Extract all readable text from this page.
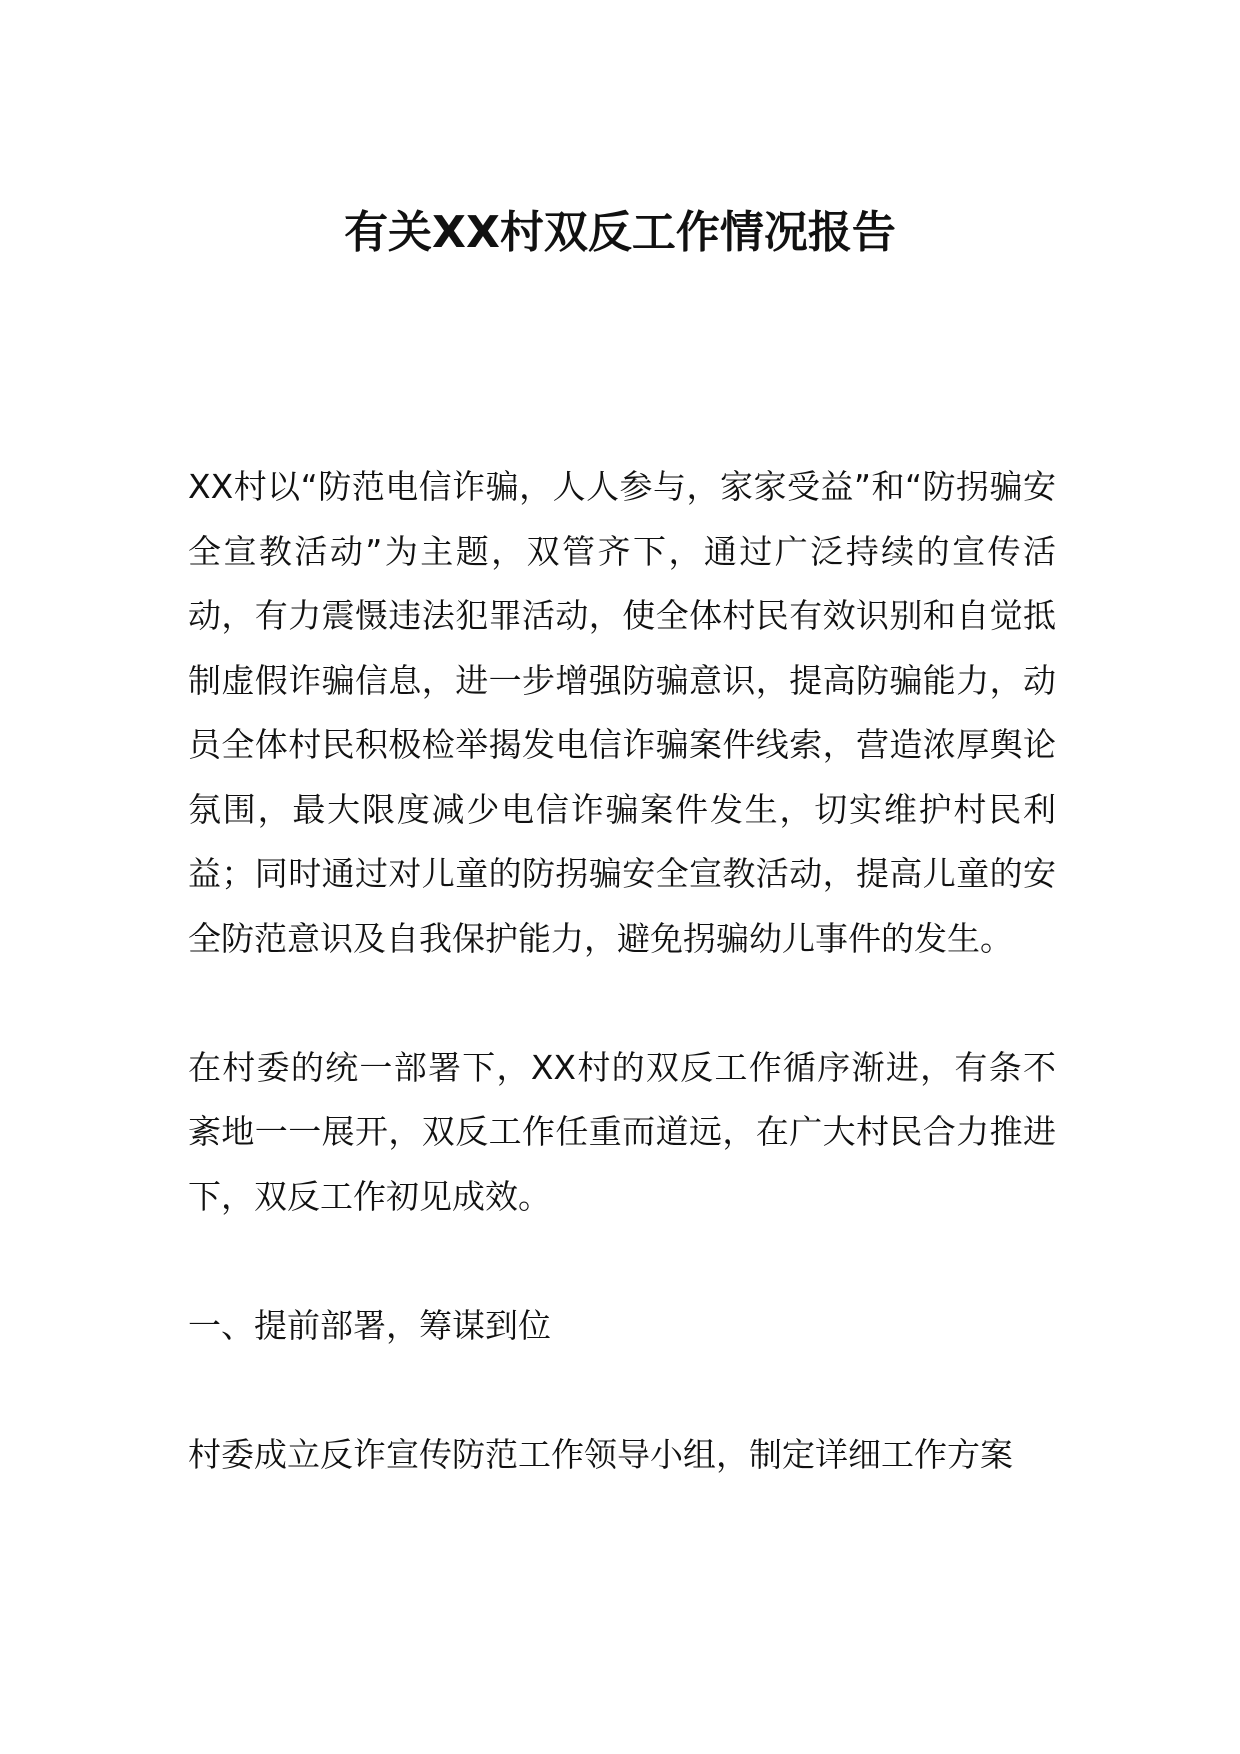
有关XX村双反工作情况报告

XX村以“防范电信诈骗，人人参与，家家受益”和“防拐骗安全宣教活动”为主题，双管齐下，通过广泛持续的宣传活动，有力震慑违法犯罪活动，使全体村民有效识别和自觉抵制虚假诈骗信息，进一步增强防骗意识，提高防骗能力，动员全体村民积极检举揭发电信诈骗案件线索，营造浓厚舆论氛围，最大限度减少电信诈骗案件发生，切实维护村民利益；同时通过对儿童的防拐骗安全宣教活动，提高儿童的安全防范意识及自我保护能力，避免拐骗幼儿事件的发生。

在村委的统一部署下，XX村的双反工作循序渐进，有条不紊地一一展开，双反工作任重而道远，在广大村民合力推进下，双反工作初见成效。

一、提前部署，筹谋到位

村委成立反诈宣传防范工作领导小组，制定详细工作方案
